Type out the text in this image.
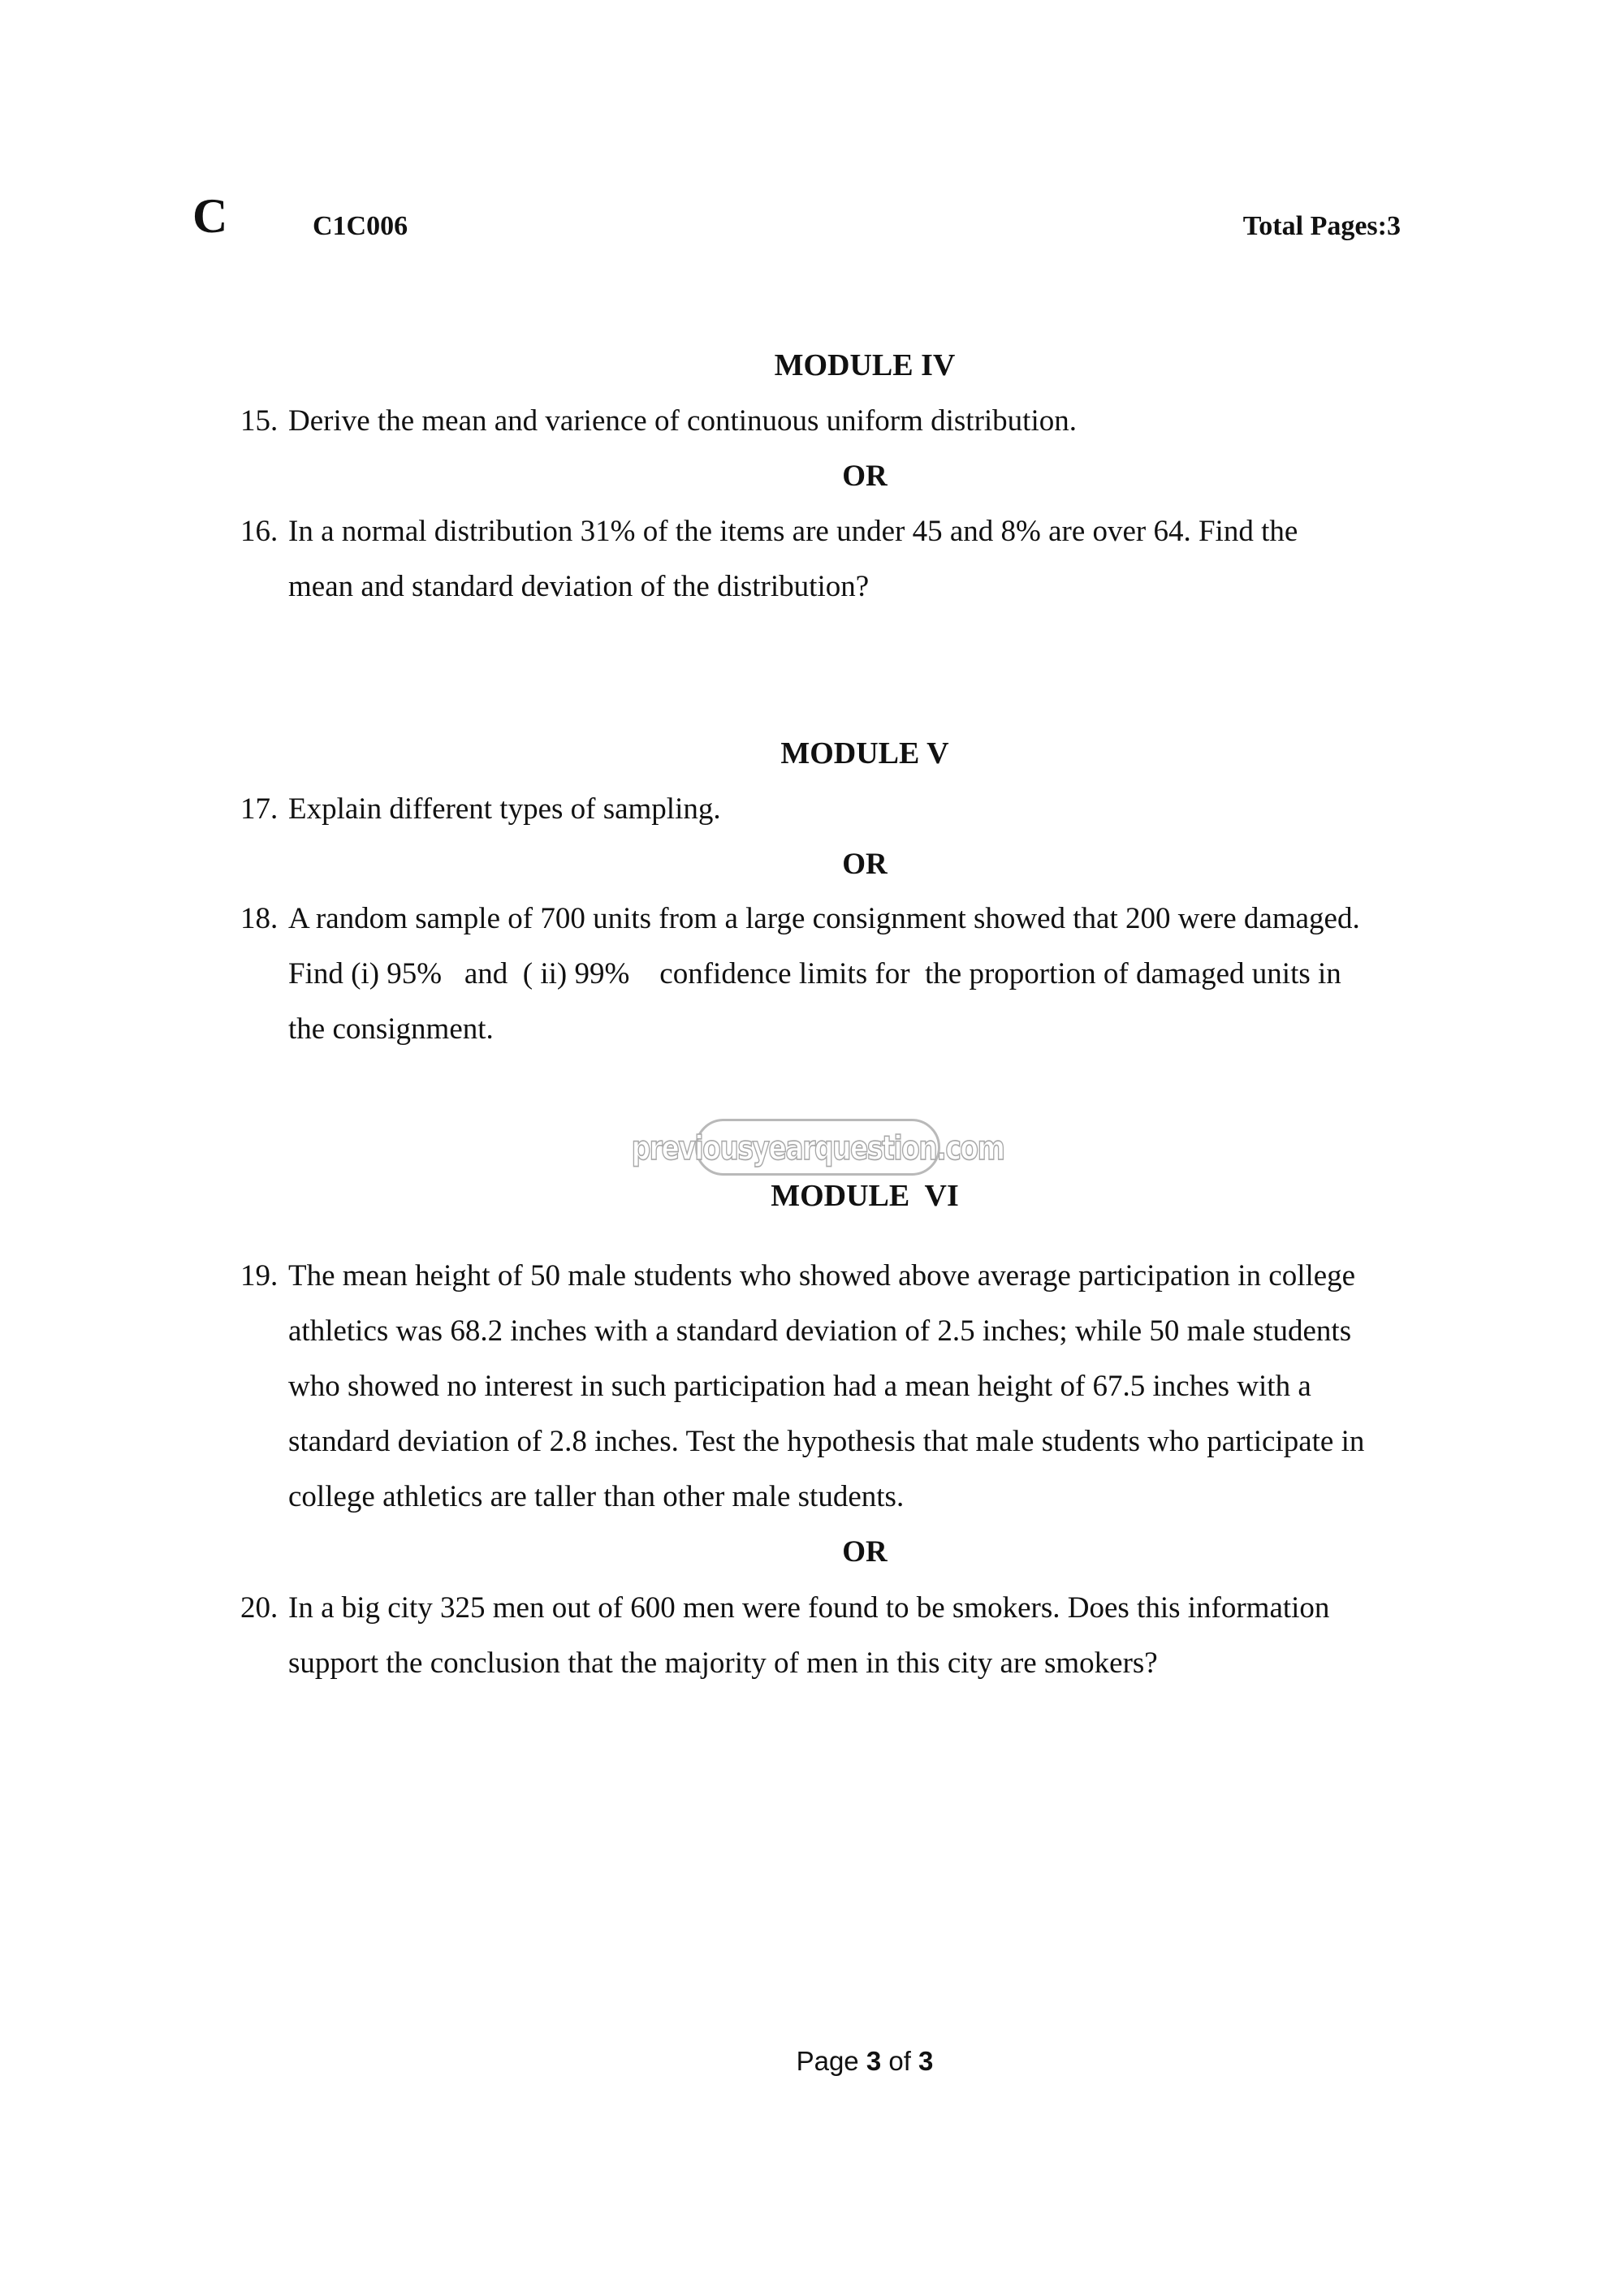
C	C1C006	Total Pages:3
MODULE IV
15. Derive the mean and varience of continuous uniform distribution.
OR
16. In a normal distribution 31% of the items are under 45 and 8% are over 64. Find the
mean and standard deviation of the distribution?
MODULE V
17. Explain different types of sampling.
OR
18. A random sample of 700 units from a large consignment showed that 200 were damaged.
Find (i) 95%   and  ( ii) 99%    confidence limits for  the proportion of damaged units in
the consignment.
previousyearquestion.com
MODULE  VI
19. The mean height of 50 male students who showed above average participation in college
athletics was 68.2 inches with a standard deviation of 2.5 inches; while 50 male students
who showed no interest in such participation had a mean height of 67.5 inches with a
standard deviation of 2.8 inches. Test the hypothesis that male students who participate in
college athletics are taller than other male students.
OR
20. In a big city 325 men out of 600 men were found to be smokers. Does this information
support the conclusion that the majority of men in this city are smokers?
Page 3 of 3
